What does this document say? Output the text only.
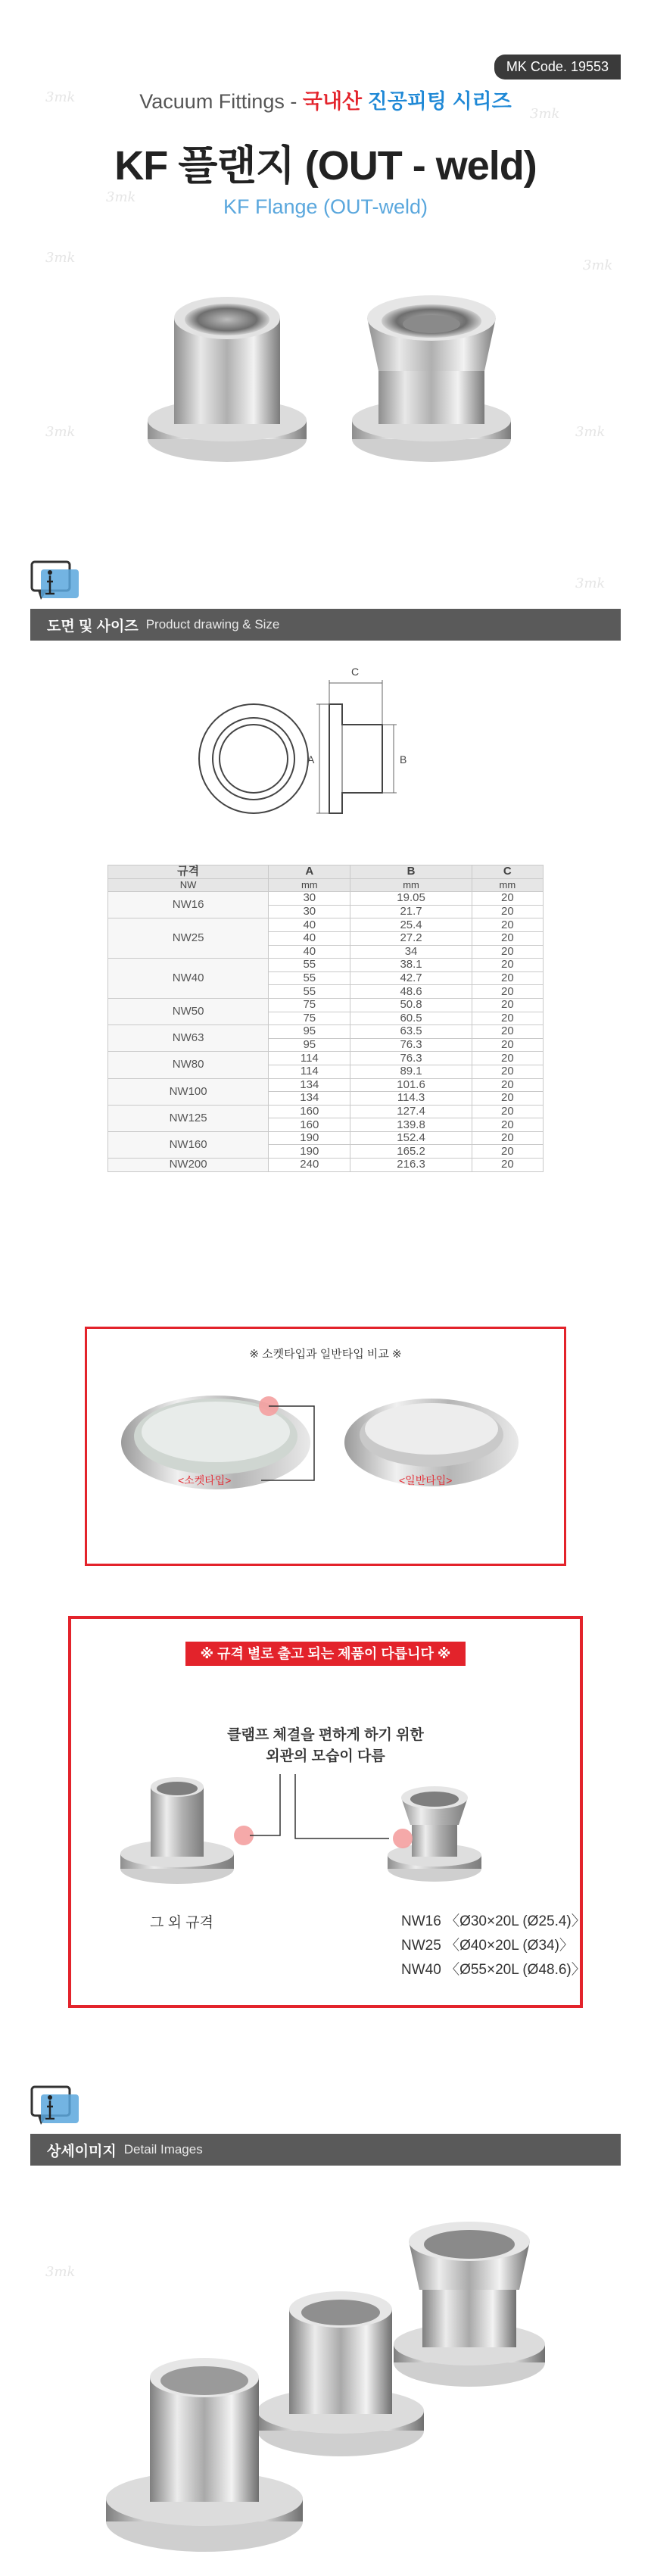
MK Code. 19553
Vacuum Fittings - 국내산 진공피팅 시리즈
KF 플랜지 (OUT - weld)
KF Flange (OUT-weld)
3mk
3mk
3mk
3mk	3mk
3mk	3mk
3mk
3mk
도면 및 사이즈 Product drawing & Size
A	B
C
규격	A	B	C
NW	mm	mm	mm
NW16	30	19.05	20
	30	21.7	20
NW25	40	25.4	20
	40	27.2	20
	40	34	20
NW40	55	38.1	20
	55	42.7	20
	55	48.6	20
NW50	75	50.8	20
	75	60.5	20
NW63	95	63.5	20
	95	76.3	20
NW80	114	76.3	20
	114	89.1	20
NW100	134	101.6	20
	134	114.3	20
NW125	160	127.4	20
	160	139.8	20
NW160	190	152.4	20
	190	165.2	20
NW200	240	216.3	20
※ 소켓타입과 일반타입 비교 ※
<소켓타입>	<일반타입>
※ 규격 별로 출고 되는 제품이 다릅니다 ※
클램프 체결을 편하게 하기 위한
외관의 모습이 다름
그 외 규격	NW16 〈Ø30×20L (Ø25.4)〉
NW25 〈Ø40×20L (Ø34)〉
NW40 〈Ø55×20L (Ø48.6)〉
상세이미지 Detail Images
